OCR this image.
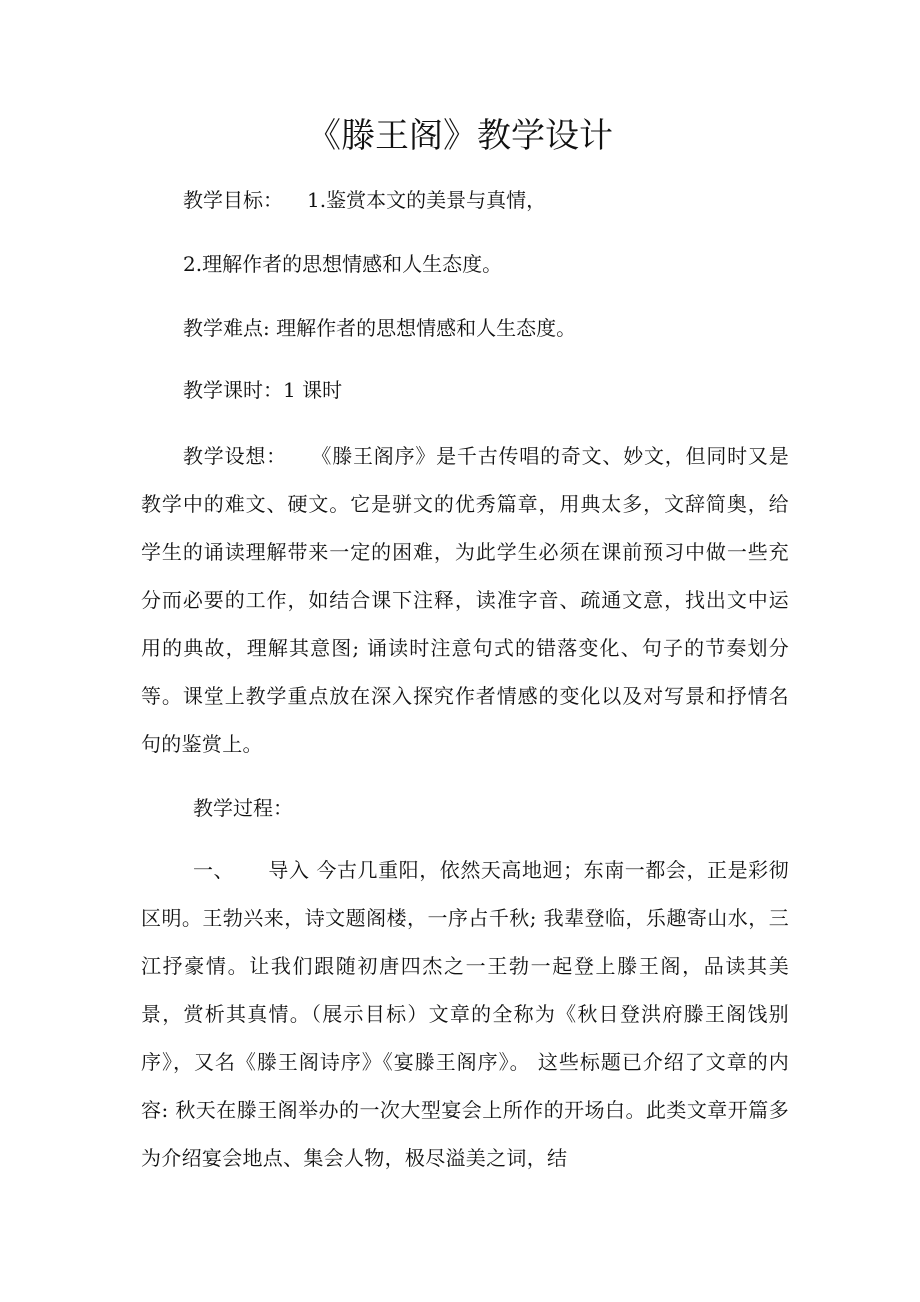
《滕王阁》教学设计

教学目标： 1.鉴赏本文的美景与真情，

2.理解作者的思想情感和人生态度。

教学难点: 理解作者的思想情感和人生态度。

教学课时：1 课时

教学设想： 《滕王阁序》是千古传唱的奇文、妙文，但同时又是教学中的难文、硬文。它是骈文的优秀篇章，用典太多，文辞简奥，给学生的诵读理解带来一定的困难，为此学生必须在课前预习中做一些充分而必要的工作，如结合课下注释，读准字音、疏通文意，找出文中运用的典故，理解其意图; 诵读时注意句式的错落变化、句子的节奏划分等。课堂上教学重点放在深入探究作者情感的变化以及对写景和抒情名句的鉴赏上。

教学过程：

一、 导入 今古几重阳，依然天高地迥；东南一都会，正是彩彻区明。王勃兴来，诗文题阁楼，一序占千秋; 我辈登临，乐趣寄山水，三江抒豪情。让我们跟随初唐四杰之一王勃一起登上滕王阁，品读其美景，赏析其真情。（展示目标）文章的全称为《秋日登洪府滕王阁饯别序》，又名《滕王阁诗序》《宴滕王阁序》。 这些标题已介绍了文章的内容: 秋天在滕王阁举办的一次大型宴会上所作的开场白。此类文章开篇多为介绍宴会地点、集会人物，极尽溢美之词，结
